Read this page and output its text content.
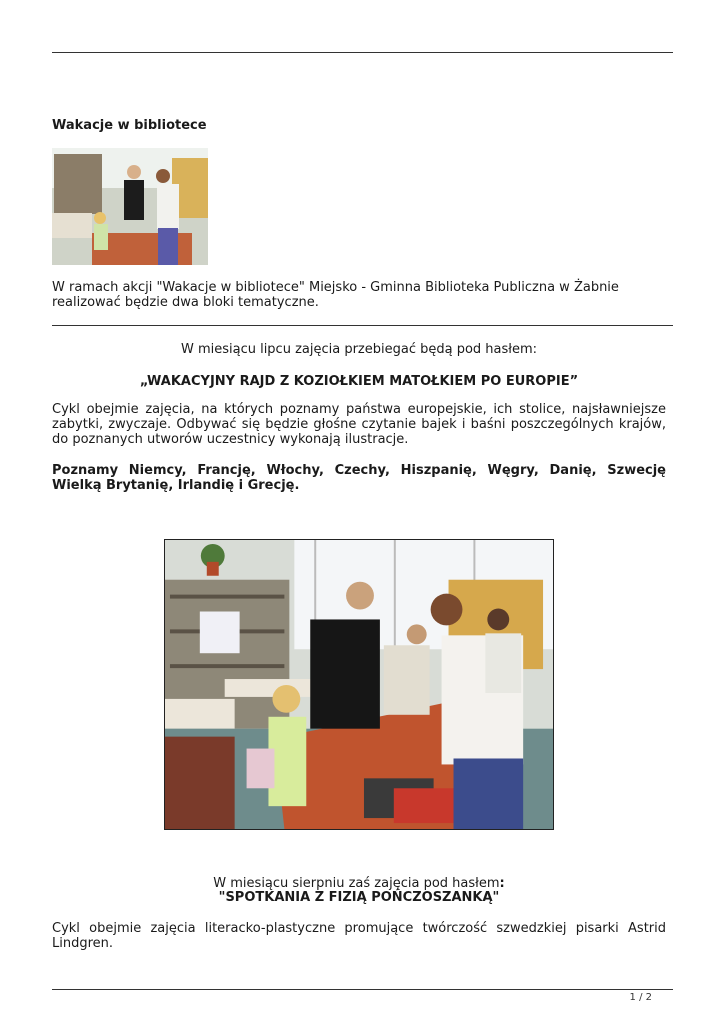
Wakacje w bibliotece

W ramach akcji "Wakacje w bibliotece" Miejsko - Gminna Biblioteka Publiczna w Żabnie realizować będzie dwa bloki tematyczne.

W miesiącu lipcu zajęcia przebiegać będą pod hasłem:

„WAKACYJNY RAJD Z KOZIOŁKIEM MATOŁKIEM PO EUROPIE”

Cykl obejmie zajęcia, na których poznamy państwa europejskie, ich stolice, najsławniejsze zabytki, zwyczaje. Odbywać się będzie głośne czytanie bajek i baśni poszczególnych krajów, do poznanych utworów uczestnicy wykonają ilustracje.

Poznamy Niemcy, Francję, Włochy, Czechy, Hiszpanię, Węgry, Danię, Szwecję Wielką Brytanię, Irlandię i Grecję.

W miesiącu sierpniu zaś zajęcia pod hasłem:

"SPOTKANIA Z FIZIĄ POŃCZOSZANKĄ"

Cykl obejmie zajęcia literacko-plastyczne promujące twórczość szwedzkiej pisarki Astrid Lindgren.

1 / 2
